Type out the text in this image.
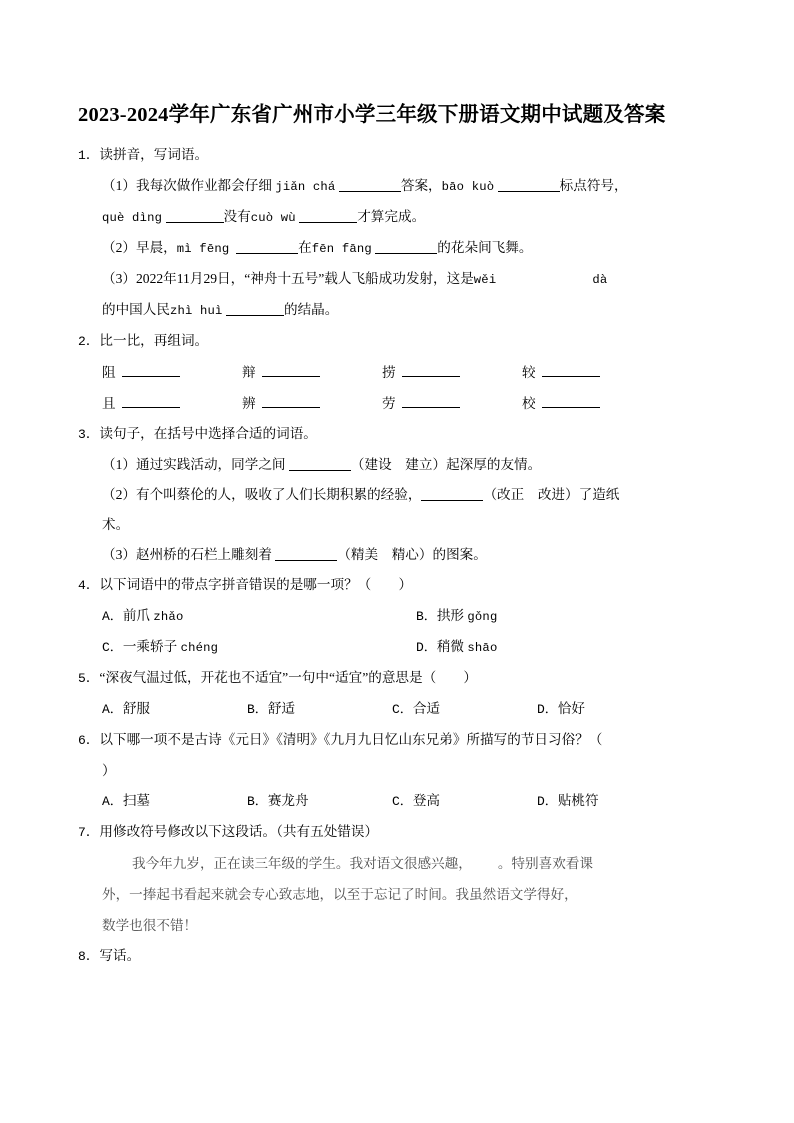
2023-2024学年广东省广州市小学三年级下册语文期中试题及答案
1．读拼音，写词语。
（1）我每次做作业都会仔细 jiǎn chá	答案，bāo kuò	标点符号，
què dìng	没有cuò wù	才算完成。
（2）早晨，mì fēng	在fēn fāng	的花朵间飞舞。
（3）2022年11月29日，“神舟十五号”载人飞船成功发射，这是wěi	dà
的中国人民zhì huì	的结晶。
2．比一比，再组词。
阻	辩	捞	较
且	辨	劳	校
3．读句子，在括号中选择合适的词语。
（1）通过实践活动，同学之间	（建设　建立）起深厚的友情。
（2）有个叫蔡伦的人，吸收了人们长期积累的经验，	（改正　改进）了造纸
术。
（3）赵州桥的石栏上雕刻着	（精美　精心）的图案。
4．以下词语中的带点字拼音错误的是哪一项？（　　）
A．前爪 zhǎo	B．拱形 gǒng
C．一乘轿子 chéng	D．稍微 shāo
5．“深夜气温过低，开花也不适宜”一句中“适宜”的意思是（　　）
A．舒服	B．舒适	C．合适	D．恰好
6．以下哪一项不是古诗《元日》《清明》《九月九日忆山东兄弟》所描写的节日习俗？（
）
A．扫墓	B．赛龙舟	C．登高	D．贴桃符
7．用修改符号修改以下这段话。（共有五处错误）
我今年九岁，正在读三年级的学生。我对语文很感兴趣， 。特别喜欢看课
外，一捧起书看起来就会专心致志地，以至于忘记了时间。我虽然语文学得好，
数学也很不错！
8．写话。
